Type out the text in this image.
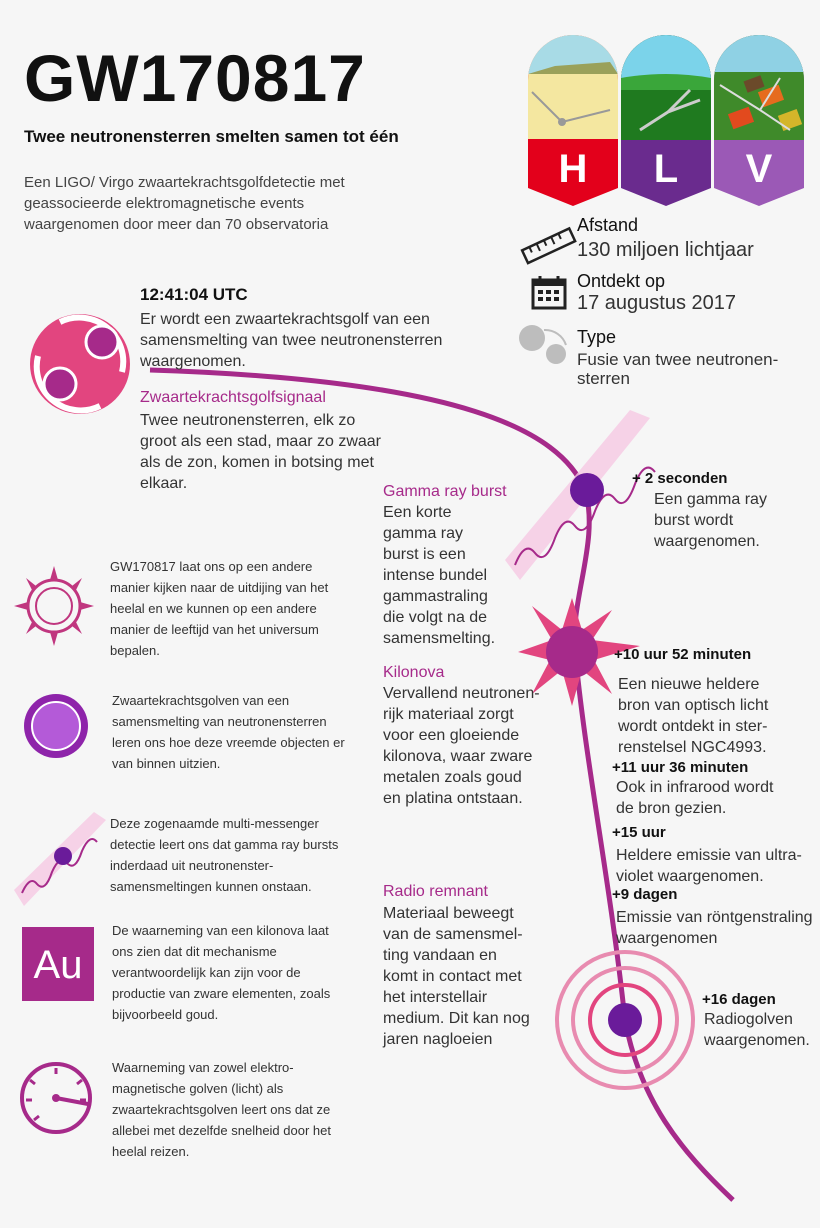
GW170817
Twee neutronensterren smelten samen tot één
Een LIGO/ Virgo zwaartekrachtsgolfdetectie met geassocieerde elektromagnetische events waargenomen door meer dan 70 observatoria
H L V
Au
Afstand
130 miljoen lichtjaar
Ontdekt op
17 augustus 2017
Type
Fusie van twee neutronen-sterren
12:41:04 UTC
Er wordt een zwaartekrachtsgolf van een samensmelting van twee neutronensterren waargenomen.
Zwaartekrachtsgolfsignaal
Twee neutronensterren, elk zo groot als een stad, maar zo zwaar als de zon, komen in botsing met elkaar.	Gamma ray burst
Een korte gamma ray burst is een intense bundel gammastraling die volgt na de samensmelting.
Kilonova
Vervallend neutronen-rijk materiaal zorgt voor een gloeiende kilonova, waar zware metalen zoals goud en platina ontstaan.
Radio remnant
Materiaal beweegt van de samensmel-ting vandaan en komt in contact met het interstellair medium. Dit kan nog jaren nagloeien
+ 2 seconden
Een gamma ray burst wordt waargenomen.
+10 uur 52 minuten
Een nieuwe heldere bron van optisch licht wordt ontdekt in ster-renstelsel NGC4993.
+11 uur 36 minuten
Ook in infrarood wordt de bron gezien.
+15 uur
Heldere emissie van ultra-violet waargenomen.
+9 dagen
Emissie van röntgenstraling waargenomen
+16 dagen
Radiogolven waargenomen.
GW170817 laat ons op een andere manier kijken naar de uitdijing van het heelal en we kunnen op een andere manier de leeftijd van het universum bepalen.
Zwaartekrachtsgolven van een samensmelting van neutronensterren leren ons hoe deze vreemde objecten er van binnen uitzien.
Deze zogenaamde multi-messenger detectie leert ons dat gamma ray bursts inderdaad uit neutronenster-samensmeltingen kunnen onstaan.
De waarneming van een kilonova laat ons zien dat dit mechanisme verantwoordelijk kan zijn voor de productie van zware elementen, zoals bijvoorbeeld goud.
Waarneming van zowel elektro-magnetische golven (licht) als zwaartekrachtsgolven leert ons dat ze allebei met dezelfde snelheid door het heelal reizen.
